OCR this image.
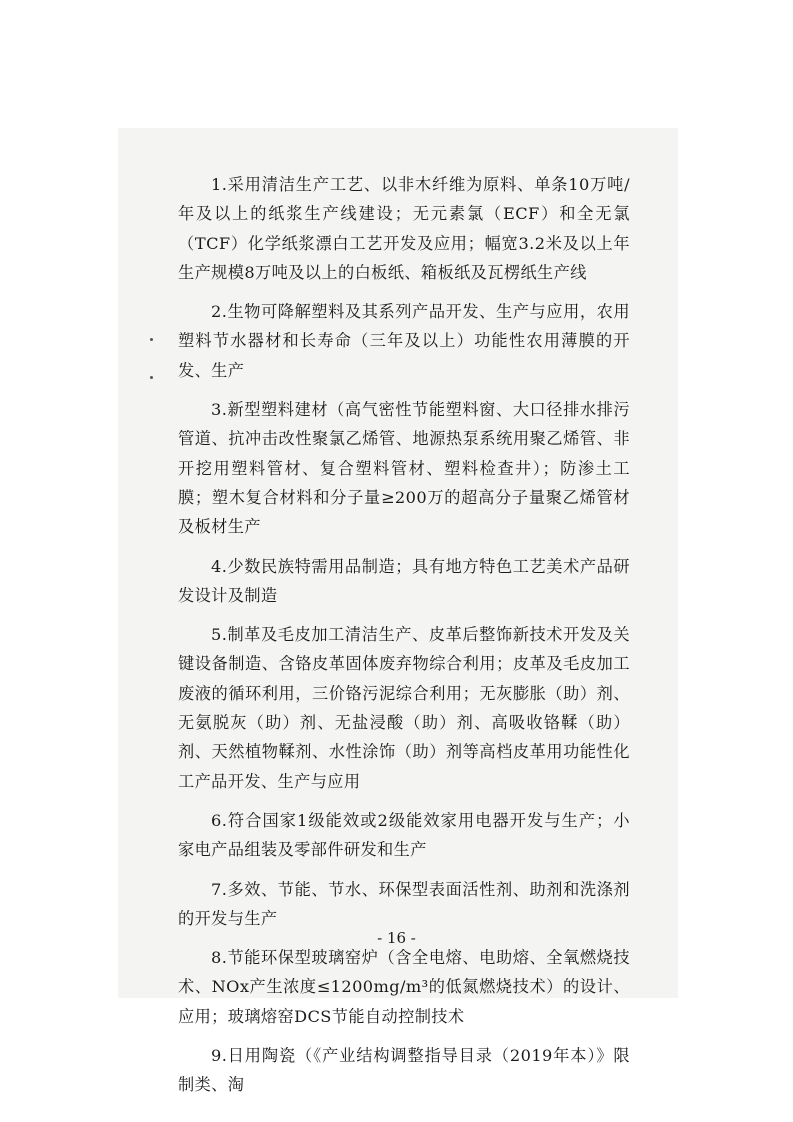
1.采用清洁生产工艺、以非木纤维为原料、单条10万吨/年及以上的纸浆生产线建设；无元素氯（ECF）和全无氯（TCF）化学纸浆漂白工艺开发及应用；幅宽3.2米及以上年生产规模8万吨及以上的白板纸、箱板纸及瓦楞纸生产线

2.生物可降解塑料及其系列产品开发、生产与应用，农用塑料节水器材和长寿命（三年及以上）功能性农用薄膜的开发、生产

3.新型塑料建材（高气密性节能塑料窗、大口径排水排污管道、抗冲击改性聚氯乙烯管、地源热泵系统用聚乙烯管、非开挖用塑料管材、复合塑料管材、塑料检查井）；防渗土工膜；塑木复合材料和分子量≥200万的超高分子量聚乙烯管材及板材生产

4.少数民族特需用品制造；具有地方特色工艺美术产品研发设计及制造

5.制革及毛皮加工清洁生产、皮革后整饰新技术开发及关键设备制造、含铬皮革固体废弃物综合利用；皮革及毛皮加工废液的循环利用，三价铬污泥综合利用；无灰膨胀（助）剂、无氨脱灰（助）剂、无盐浸酸（助）剂、高吸收铬鞣（助）剂、天然植物鞣剂、水性涂饰（助）剂等高档皮革用功能性化工产品开发、生产与应用

6.符合国家1级能效或2级能效家用电器开发与生产；小家电产品组装及零部件研发和生产

7.多效、节能、节水、环保型表面活性剂、助剂和洗涤剂的开发与生产

8.节能环保型玻璃窑炉（含全电熔、电助熔、全氧燃烧技术、NOx产生浓度≤1200mg/m³的低氮燃烧技术）的设计、应用；玻璃熔窑DCS节能自动控制技术

9.日用陶瓷（《产业结构调整指导目录（2019年本）》限制类、淘

- 16 -
